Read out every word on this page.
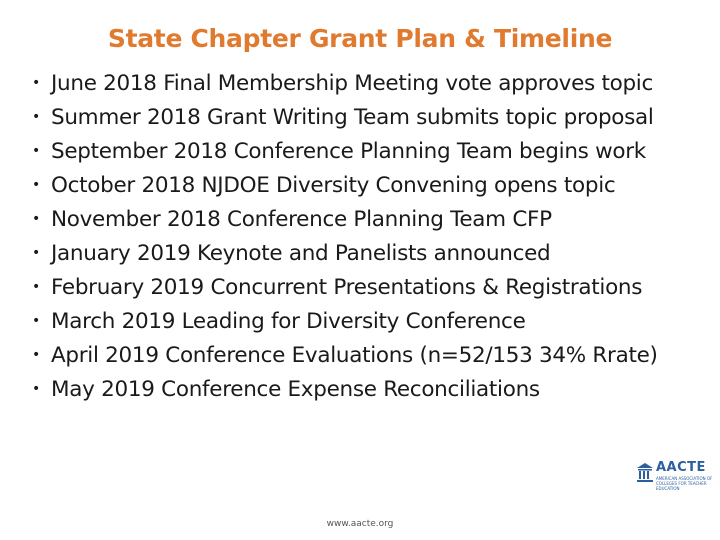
State Chapter Grant Plan & Timeline
• June 2018 Final Membership Meeting vote approves topic
• Summer 2018 Grant Writing Team submits topic proposal
• September 2018 Conference Planning Team begins work
• October 2018 NJDOE Diversity Convening opens topic
• November 2018 Conference Planning Team CFP
• January 2019 Keynote and Panelists announced
• February 2019 Concurrent Presentations & Registrations
• March 2019 Leading for Diversity Conference
• April 2019 Conference Evaluations (n=52/153 34% Rrate)
• May 2019 Conference Expense Reconciliations
AACTE
AMERICAN ASSOCIATION OF COLLEGES FOR TEACHER EDUCATION
www.aacte.org
